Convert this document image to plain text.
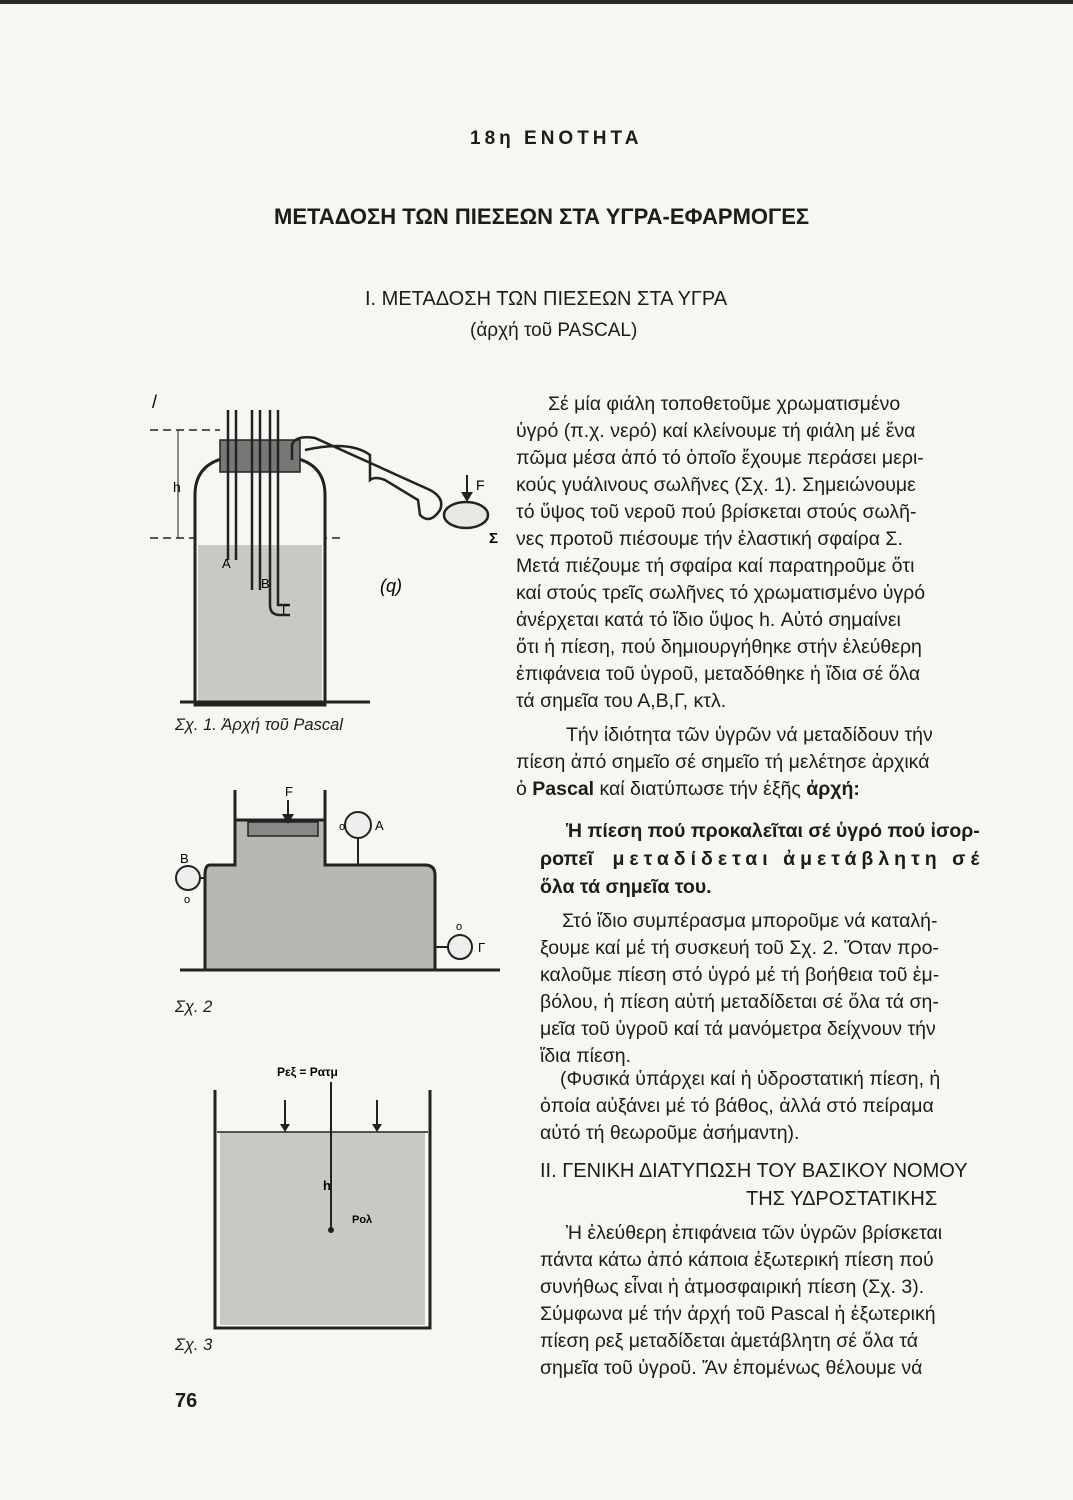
18η ΕΝΟΤΗΤΑ
ΜΕΤΑΔΟΣΗ ΤΩΝ ΠΙΕΣΕΩΝ ΣΤΑ ΥΓΡΑ-ΕΦΑΡΜΟΓΕΣ
I. ΜΕΤΑΔΟΣΗ ΤΩΝ ΠΙΕΣΕΩΝ ΣΤΑ ΥΓΡΑ
(ἀρχή τοῦ PASCAL)
Σέ μία φιάλη τοποθετοῦμε χρωματισμένο
ὑγρό (π.χ. νερό) καί κλείνουμε τή φιάλη μέ ἕνα
πῶμα μέσα ἀπό τό ὁποῖο ἔχουμε περάσει μερι-
κούς γυάλινους σωλῆνες (Σχ. 1). Σημειώνουμε
τό ὕψος τοῦ νεροῦ πού βρίσκεται στούς σωλῆ-
νες προτοῦ πιέσουμε τήν ἐλαστική σφαίρα Σ.
Μετά πιέζουμε τή σφαίρα καί παρατηροῦμε ὅτι
καί στούς τρεῖς σωλῆνες τό χρωματισμένο ὑγρό
ἀνέρχεται κατά τό ἴδιο ὕψος h. Αὐτό σημαίνει
ὅτι ἡ πίεση, πού δημιουργήθηκε στήν ἐλεύθερη
ἐπιφάνεια τοῦ ὑγροῦ, μεταδόθηκε ἡ ἴδια σέ ὅλα
τά σημεῖα του Α,Β,Γ, κτλ.
Τήν ἰδιότητα τῶν ὑγρῶν νά μεταδίδουν τήν
πίεση ἀπό σημεῖο σέ σημεῖο τή μελέτησε ἀρχικά
ὁ Pascal καί διατύπωσε τήν ἑξῆς ἀρχή:
Ἡ πίεση πού προκαλεῖται σέ ὑγρό πού ἰσορ-
ροπεῖ μεταδίδεται ἀμετάβλητη σέ
ὅλα τά σημεῖα του.
Στό ἴδιο συμπέρασμα μποροῦμε νά καταλή-
ξουμε καί μέ τή συσκευή τοῦ Σχ. 2. Ὅταν προ-
καλοῦμε πίεση στό ὑγρό μέ τή βοήθεια τοῦ ἐμ-
βόλου, ἡ πίεση αὐτή μεταδίδεται σέ ὅλα τά ση-
μεῖα τοῦ ὑγροῦ καί τά μανόμετρα δείχνουν τήν
ἴδια πίεση.
(Φυσικά ὑπάρχει καί ἡ ὑδροστατική πίεση, ἡ
ὁποία αὐξάνει μέ τό βάθος, ἀλλά στό πείραμα
αὐτό τή θεωροῦμε ἀσήμαντη).
II. ΓΕΝΙΚΗ ΔΙΑΤΥΠΩΣΗ ΤΟΥ ΒΑΣΙΚΟΥ ΝΟΜΟΥ
ΤΗΣ ΥΔΡΟΣΤΑΤΙΚΗΣ
Ἡ ἐλεύθερη ἐπιφάνεια τῶν ὑγρῶν βρίσκεται
πάντα κάτω ἀπό κάποια ἐξωτερική πίεση πού
συνήθως εἶναι ἡ ἀτμοσφαιρική πίεση (Σχ. 3).
Σύμφωνα μέ τήν ἀρχή τοῦ Pascal ἡ ἐξωτερική
πίεση ρεξ μεταδίδεται ἀμετάβλητη σέ ὅλα τά
σημεῖα τοῦ ὑγροῦ. Ἄν ἐπομένως θέλουμε νά
/
h	F
Σ
A
B
Γ
(q)
Σχ. 1. Ἀρχή τοῦ Pascal
F
A
o
B
o
o
Γ
Σχ. 2
Ρεξ = Ρατμ
h
Ρολ
Σχ. 3
76
